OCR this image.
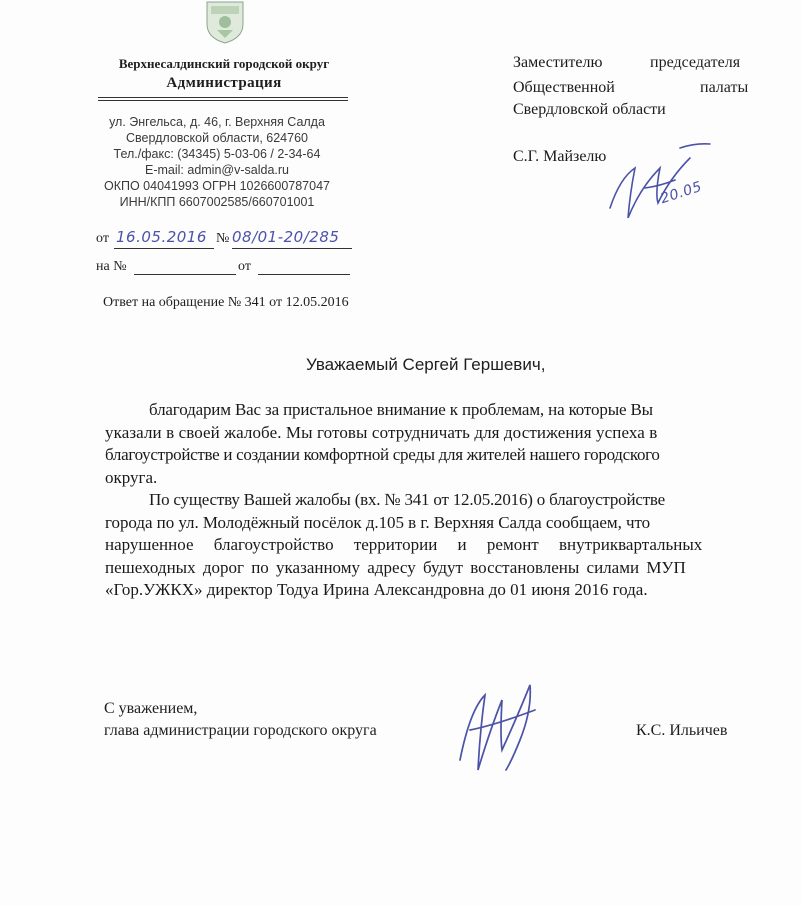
Верхнесалдинский городской округ
Администрация
ул. Энгельса, д. 46, г. Верхняя Салда
Свердловской области, 624760
Тел./факс: (34345) 5-03-06 / 2-34-64
E-mail: admin@v-salda.ru
ОКПО 04041993 ОГРН 1026600787047
ИНН/КПП 6607002585/660701001
от 16.05.2016 № 08/01-20/285
на №	от
Заместителю	председателя
Общественной	палаты
Свердловской области
С.Г. Майзелю
20.05
Ответ на обращение № 341 от 12.05.2016
Уважаемый Сергей Гершевич,
благодарим Вас за пристальное внимание к проблемам, на которые Вы
указали в своей жалобе. Мы готовы сотрудничать для достижения успеха в
благоустройстве и создании комфортной среды для жителей нашего городского
округа.
По существу Вашей жалобы (вх. № 341 от 12.05.2016) о благоустройстве
города по ул. Молодёжный посёлок д.105 в г. Верхняя Салда сообщаем, что
нарушенное благоустройство территории и ремонт внутриквартальных
пешеходных дорог по указанному адресу будут восстановлены силами МУП
«Гор.УЖКХ» директор Тодуа Ирина Александровна до 01 июня 2016 года.
С уважением,
глава администрации городского округа	К.С. Ильичев
